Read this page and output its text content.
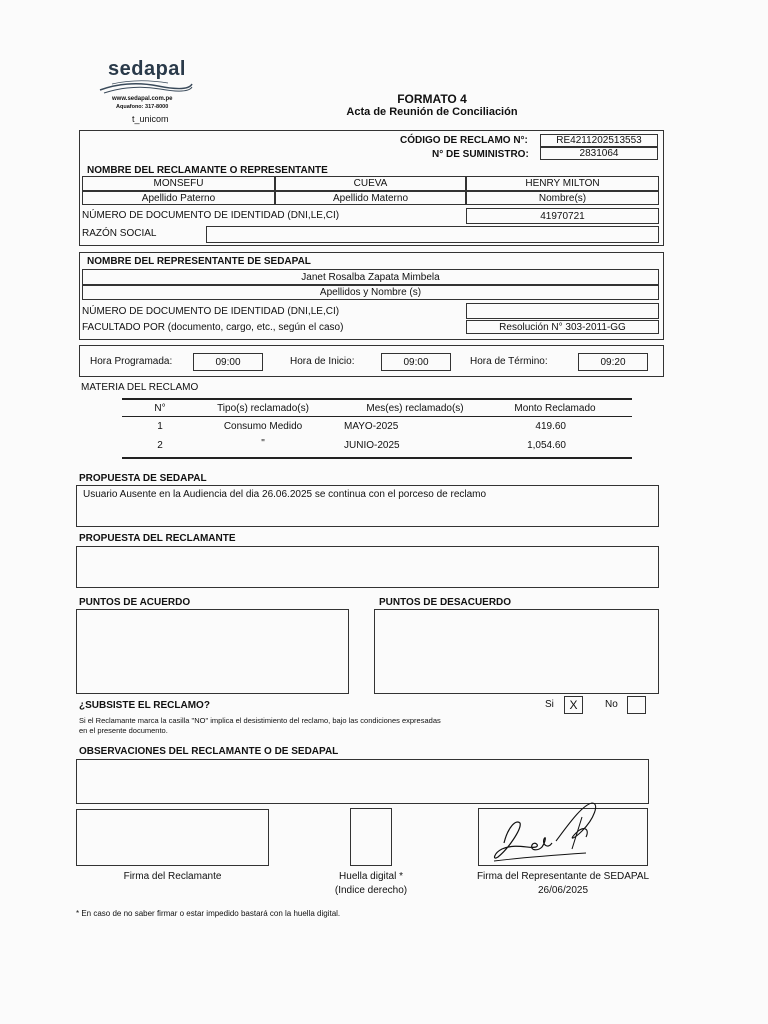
sedapal
www.sedapal.com.pe
Aquafono: 317-8000
t_unicom
FORMATO 4
Acta de Reunión de Conciliación
CÓDIGO DE RECLAMO N°:	RE4211202513553
N° DE SUMINISTRO:	2831064
NOMBRE DEL RECLAMANTE O REPRESENTANTE
MONSEFU	CUEVA	HENRY MILTON
Apellido Paterno	Apellido Materno	Nombre(s)
NÚMERO DE DOCUMENTO DE IDENTIDAD (DNI,LE,CI)	41970721
RAZÓN SOCIAL
NOMBRE DEL REPRESENTANTE DE SEDAPAL
Janet Rosalba Zapata Mimbela
Apellidos y Nombre (s)
NÚMERO DE DOCUMENTO DE IDENTIDAD (DNI,LE,CI)
FACULTADO POR (documento, cargo, etc., según el caso)	Resolución N° 303-2011-GG
Hora Programada:	09:00	Hora de Inicio:	09:00	Hora de Término:	09:20
MATERIA DEL RECLAMO
N°	Tipo(s) reclamado(s)	Mes(es) reclamado(s)	Monto Reclamado
1	Consumo Medido	MAYO-2025	419.60
2	"	JUNIO-2025	1,054.60
PROPUESTA DE SEDAPAL
Usuario Ausente en la Audiencia del dia 26.06.2025 se continua con el porceso de reclamo
PROPUESTA DEL RECLAMANTE
PUNTOS DE ACUERDO	PUNTOS DE DESACUERDO
¿SUBSISTE EL RECLAMO?	Si	X	No
Si el Reclamante marca la casilla "NO" implica el desistimiento del reclamo, bajo las condiciones expresadas
en el presente documento.
OBSERVACIONES DEL RECLAMANTE O DE SEDAPAL
Firma del Reclamante	Huella digital *
(Indice derecho)
Firma del Representante de SEDAPAL
26/06/2025
* En caso de no saber firmar o estar impedido bastará con la huella digital.
